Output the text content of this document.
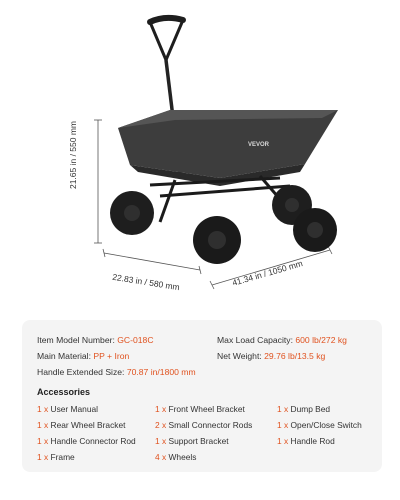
VEVOR
21.65 in / 550 mm
22.83 in / 580 mm	41.34 in / 1050 mm
Item Model Number: GC-018C
Main Material: PP + Iron
Handle Extended Size: 70.87 in/1800 mm
Max Load Capacity: 600 lb/272 kg
Net Weight: 29.76 lb/13.5 kg
Accessories
1 x User Manual	1 x Front Wheel Bracket	1 x Dump Bed
1 x Rear Wheel Bracket	2 x Small Connector Rods	1 x Open/Close Switch
1 x Handle Connector Rod 1 x Support Bracket	1 x Handle Rod
1 x Frame	4 x Wheels
